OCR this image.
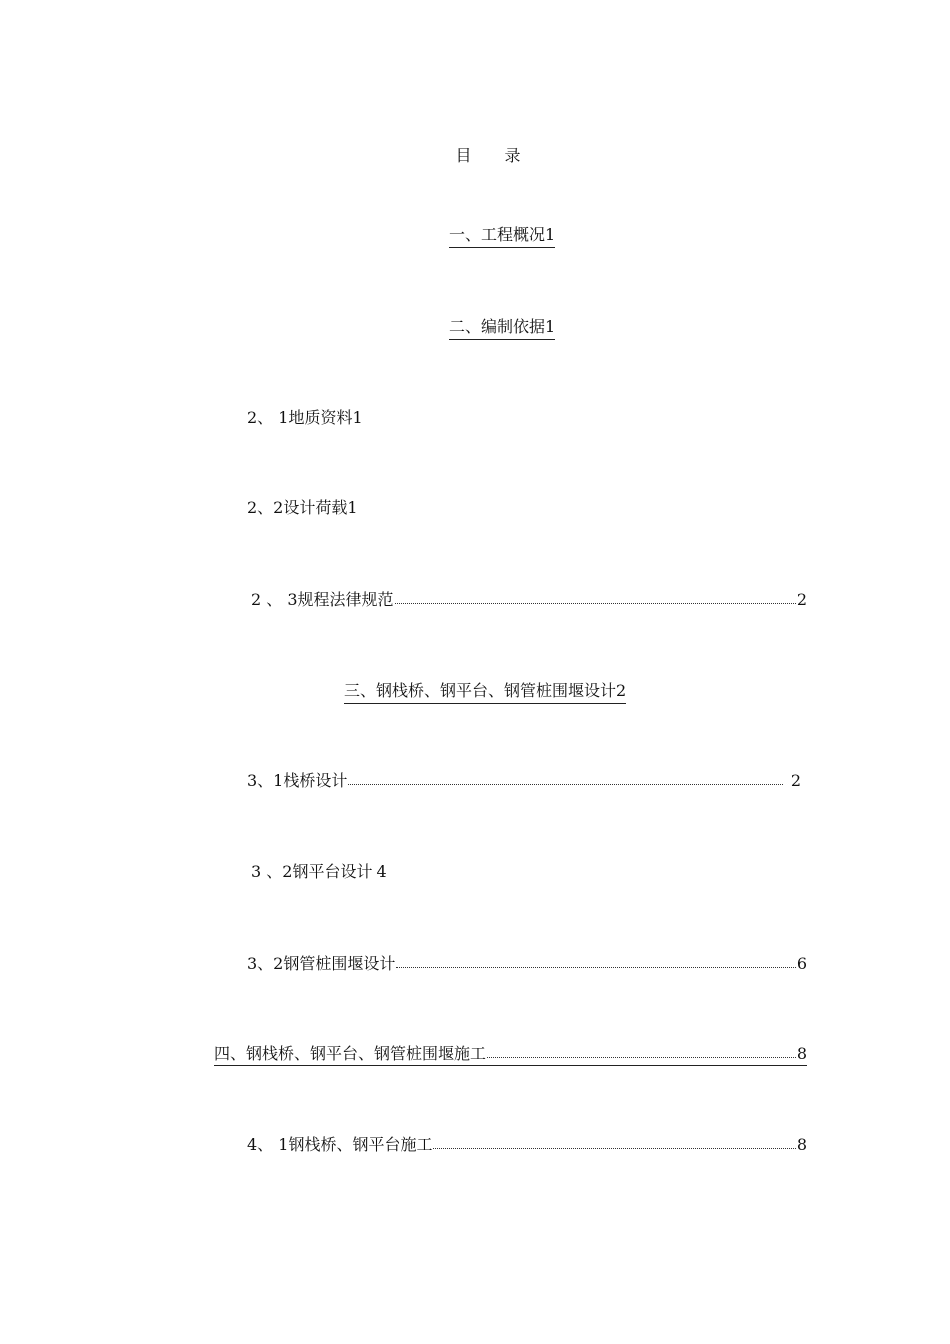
目 录
一、工程概况1
二、编制依据1
2、 1地质资料1
2、2设计荷载1
2 、 3规程法律规范	2
三、钢栈桥、钢平台、钢管桩围堰设计2
3、1栈桥设计	2
3 、2钢平台设计 4
3、2钢管桩围堰设计	6
四、钢栈桥、钢平台、钢管桩围堰施工	8
4、 1钢栈桥、钢平台施工	8
